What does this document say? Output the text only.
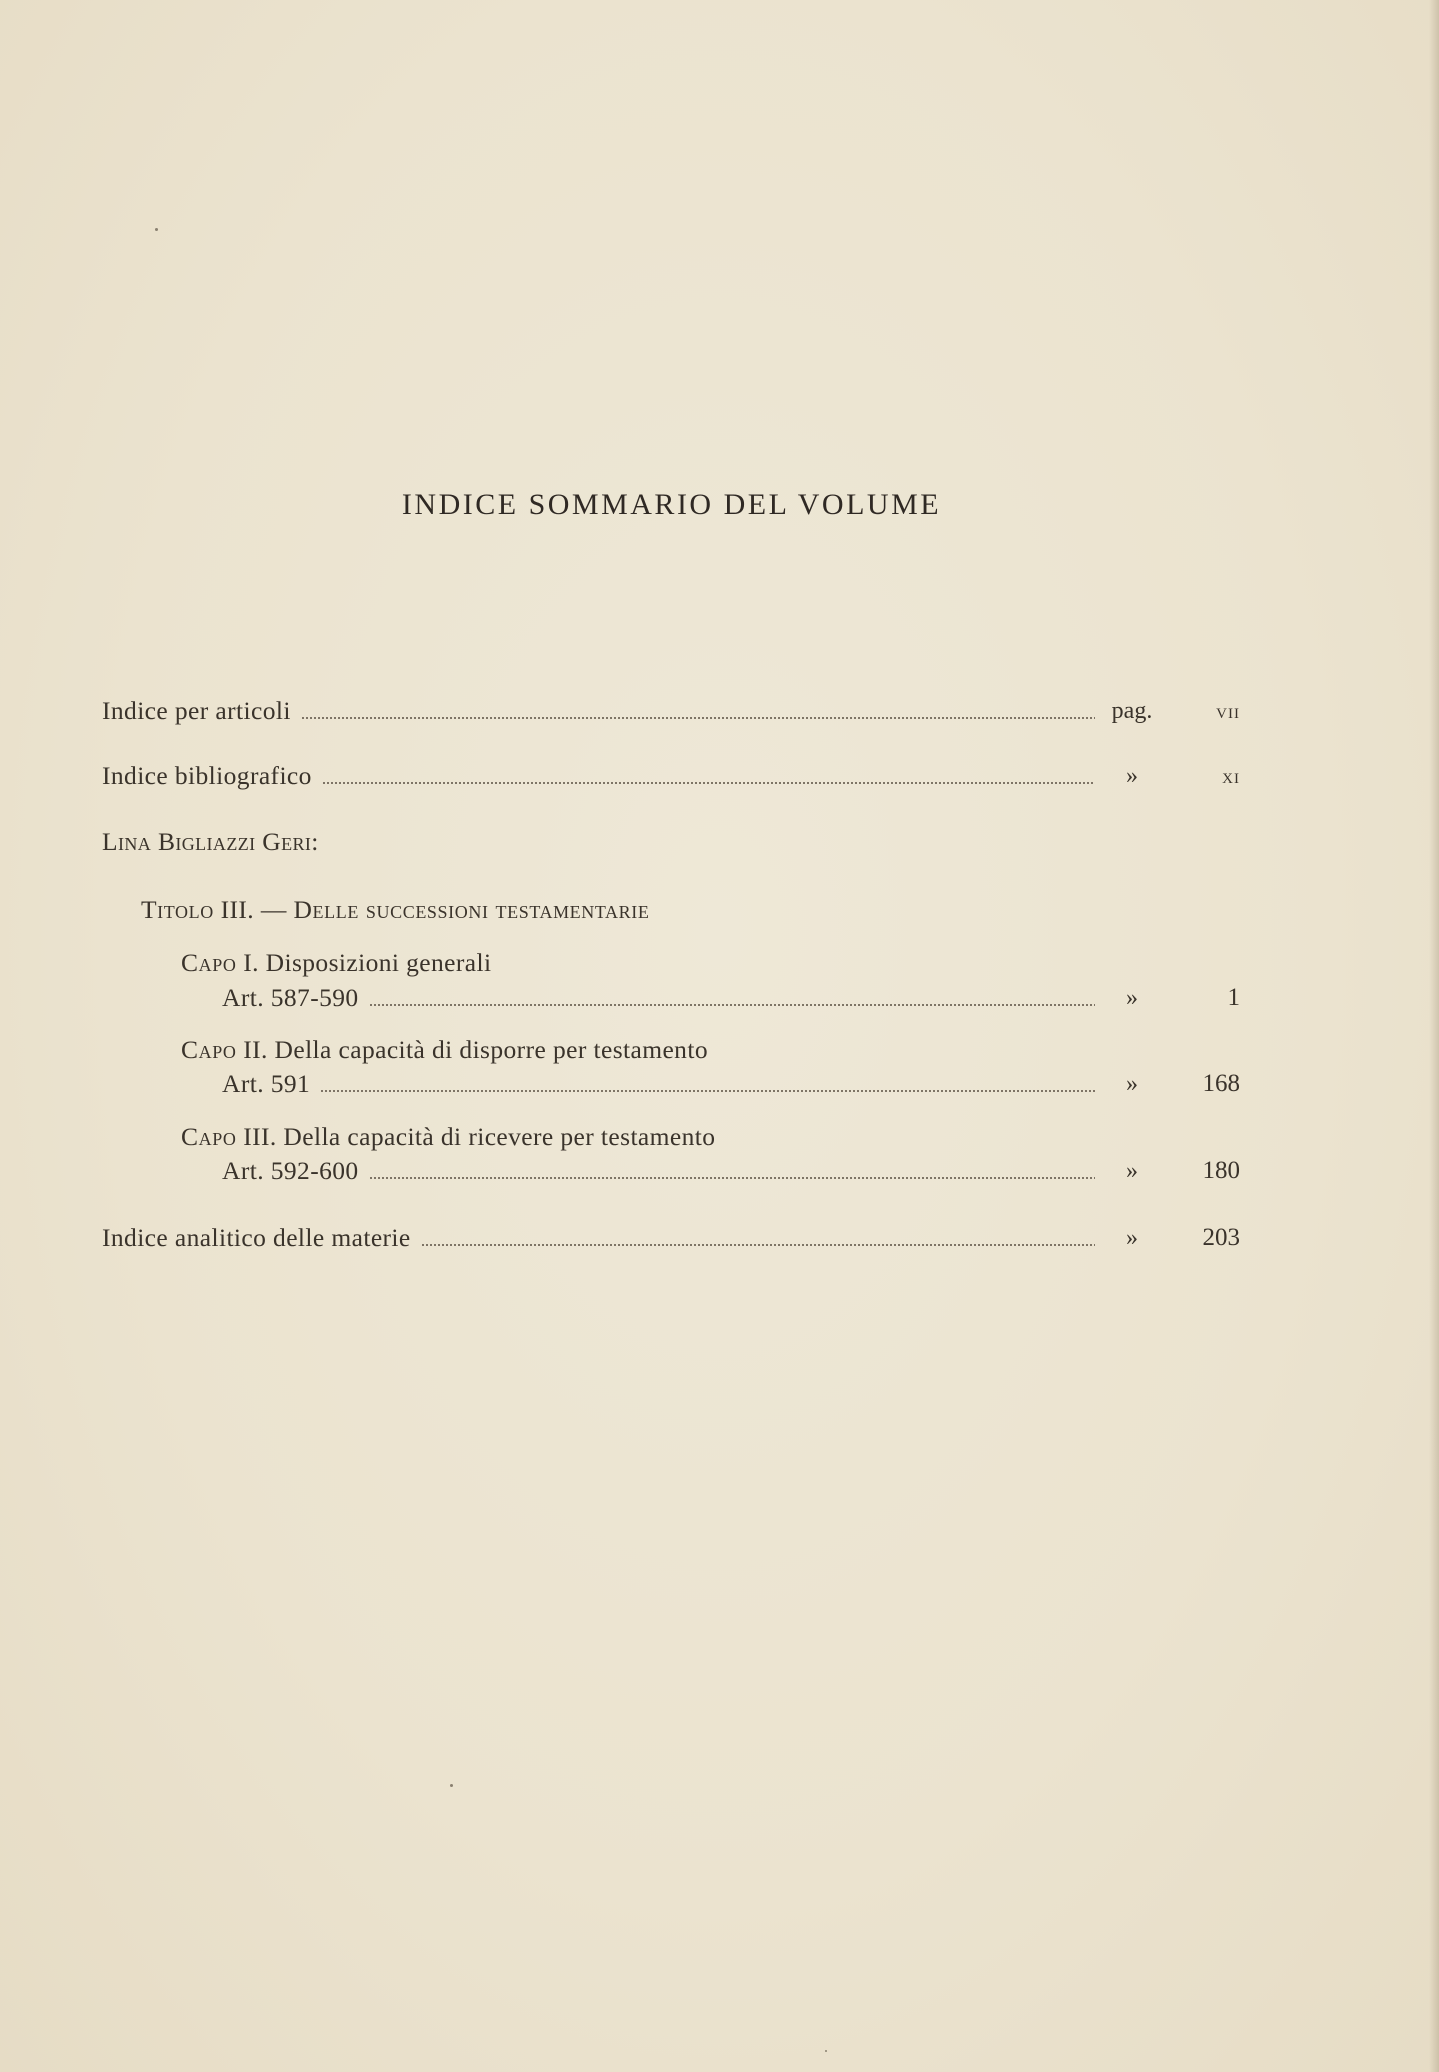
INDICE SOMMARIO DEL VOLUME
Indice per articoli	pag.	vii
Indice bibliografico	»	xi
Lina Bigliazzi Geri:
Titolo III. — Delle successioni testamentarie
Capo I. Disposizioni generali
Art. 587-590	»	1
Capo II. Della capacità di disporre per testamento
Art. 591	»	168
Capo III. Della capacità di ricevere per testamento
Art. 592-600	»	180
Indice analitico delle materie	»	203
